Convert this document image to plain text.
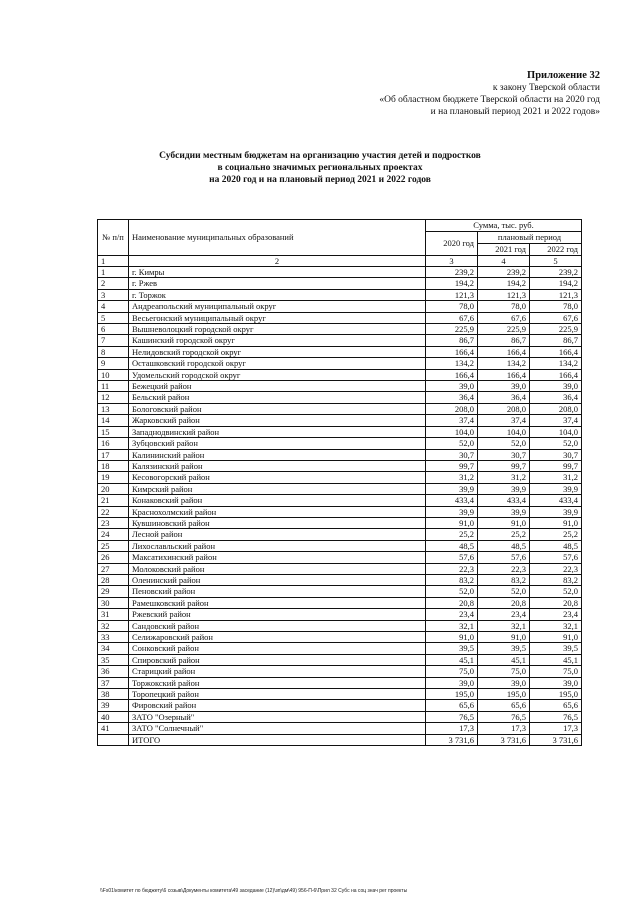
Приложение 32
к закону Тверской области
«Об областном бюджете Тверской области на 2020 год
и на плановый период 2021 и 2022 годов»
Субсидии местным бюджетам на организацию участия детей и подростков
в социально значимых региональных проектах
на 2020 год и на плановый период 2021 и 2022 годов
№ п/п	Наименование муниципальных образований	Сумма, тыс. руб.		
		2020 год	плановый период	
			2021 год	2022 год
1	2	3	4	5
1	г. Кимры	239,2	239,2	239,2
2	г. Ржев	194,2	194,2	194,2
3	г. Торжок	121,3	121,3	121,3
4	Андреапольский муниципальный округ	78,0	78,0	78,0
5	Весьегонский муниципальный округ	67,6	67,6	67,6
6	Вышневолоцкий городской округ	225,9	225,9	225,9
7	Кашинский городской округ	86,7	86,7	86,7
8	Нелидовский городской округ	166,4	166,4	166,4
9	Осташковский городской округ	134,2	134,2	134,2
10	Удомельский городской округ	166,4	166,4	166,4
11	Бежецкий район	39,0	39,0	39,0
12	Бельский район	36,4	36,4	36,4
13	Бологовский район	208,0	208,0	208,0
14	Жарковский район	37,4	37,4	37,4
15	Западнодвинский район	104,0	104,0	104,0
16	Зубцовский район	52,0	52,0	52,0
17	Калининский район	30,7	30,7	30,7
18	Калязинский район	99,7	99,7	99,7
19	Кесовогорский район	31,2	31,2	31,2
20	Кимрский район	39,9	39,9	39,9
21	Конаковский район	433,4	433,4	433,4
22	Краснохолмский район	39,9	39,9	39,9
23	Кувшиновский район	91,0	91,0	91,0
24	Лесной район	25,2	25,2	25,2
25	Лихославльский район	48,5	48,5	48,5
26	Максатихинский район	57,6	57,6	57,6
27	Молоковский район	22,3	22,3	22,3
28	Оленинский район	83,2	83,2	83,2
29	Пеновский район	52,0	52,0	52,0
30	Рамешковский район	20,8	20,8	20,8
31	Ржевский район	23,4	23,4	23,4
32	Сандовский район	32,1	32,1	32,1
33	Селижаровский район	91,0	91,0	91,0
34	Сонковский район	39,5	39,5	39,5
35	Спировский район	45,1	45,1	45,1
36	Старицкий район	75,0	75,0	75,0
37	Торжокский район	39,0	39,0	39,0
38	Торопецкий район	195,0	195,0	195,0
39	Фировский район	65,6	65,6	65,6
40	ЗАТО "Озерный"	76,5	76,5	76,5
41	ЗАТО "Солнечный"	17,3	17,3	17,3
	ИТОГО	3 731,6	3 731,6	3 731,6
\\Fs01\комитет по бюджету\6 созыв\Документы комитета\49 заседание (12)\зп\дм\49) 956-П-6\Прил 32 Субс на соц знач рег проекты
